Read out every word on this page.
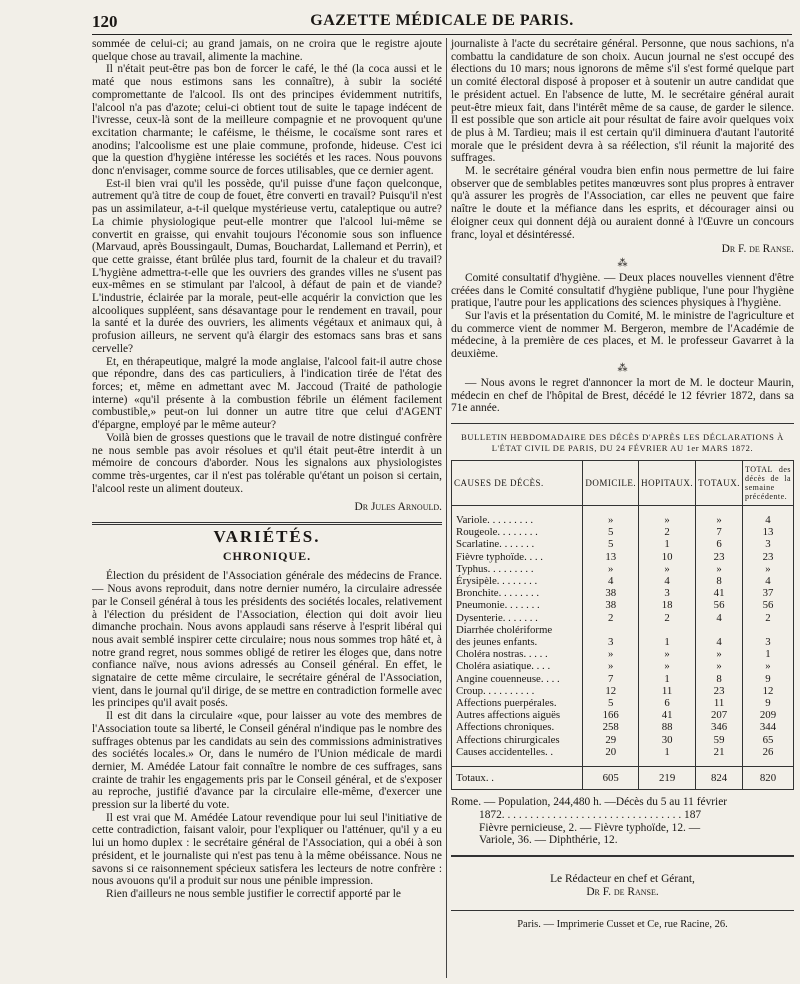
120	GAZETTE MÉDICALE DE PARIS.

sommée de celui-ci; au grand jamais, on ne croira que le registre ajoute quelque chose au travail, alimente la machine.

Il n'était peut-être pas bon de forcer le café, le thé (la coca aussi et le maté que nous estimons sans les connaître), à subir la société compromettante de l'alcool. Ils ont des principes évidemment nutritifs, l'alcool n'a pas d'azote; celui-ci obtient tout de suite le tapage indécent de l'ivresse, ceux-là sont de la meilleure compagnie et ne provoquent qu'une excitation charmante; le caféisme, le théisme, le cocaïsme sont rares et anodins; l'alcoolisme est une plaie commune, profonde, hideuse. C'est ici que la question d'hygiène intéresse les sociétés et les races. Nous pouvons donc n'envisager, comme source de forces utilisables, que ce dernier agent.

Est-il bien vrai qu'il les possède, qu'il puisse d'une façon quelconque, autrement qu'à titre de coup de fouet, être converti en travail? Puisqu'il n'est pas un assimilateur, a-t-il quelque mystérieuse vertu, cataleptique ou autre? La chimie physiologique peut-elle montrer que l'alcool lui-même se convertit en graisse, qui envahit toujours l'économie sous son influence (Marvaud, après Boussingault, Dumas, Bouchardat, Lallemand et Perrin), et que cette graisse, étant brûlée plus tard, fournit de la chaleur et du travail? L'hygiène admettra-t-elle que les ouvriers des grandes villes ne s'usent pas eux-mêmes en se stimulant par l'alcool, à défaut de pain et de viande? L'industrie, éclairée par la morale, peut-elle acquérir la conviction que les alcooliques suppléent, sans désavantage pour le rendement en travail, pour la santé et la durée des ouvriers, les aliments végétaux et animaux qui, à profusion ailleurs, ne servent qu'à élargir des estomacs sans bras et sans cervelle?

Et, en thérapeutique, malgré la mode anglaise, l'alcool fait-il autre chose que répondre, dans des cas particuliers, à l'indication tirée de l'état des forces; et, même en admettant avec M. Jaccoud (Traité de pathologie interne) «qu'il présente à la combustion fébrile un élément facilement combustible,» peut-on lui donner un autre titre que celui d'AGENT d'épargne, employé par le même auteur?

Voilà bien de grosses questions que le travail de notre distingué confrère ne nous semble pas avoir résolues et qu'il était peut-être interdit à un mémoire de concours d'aborder. Nous les signalons aux physiologistes comme très-urgentes, car il n'est pas tolérable qu'étant un poison si certain, l'alcool reste un aliment douteux.

Dr Jules Arnould.
VARIÉTÉS.
CHRONIQUE.

Élection du président de l'Association générale des médecins de France. — Nous avons reproduit, dans notre dernier numéro, la circulaire adressée par le Conseil général à tous les présidents des sociétés locales, relativement à l'élection du président de l'Association, élection qui doit avoir lieu dimanche prochain. Nous avons applaudi sans réserve à l'esprit libéral qui nous avait semblé inspirer cette circulaire; nous nous sommes trop hâté et, à notre grand regret, nous sommes obligé de retirer les éloges que, dans notre confiance naïve, nous avions adressés au Conseil général. En effet, le signataire de cette même circulaire, le secrétaire général de l'Association, vient, dans le journal qu'il dirige, de se mettre en contradiction formelle avec les principes qu'il avait posés.

Il est dit dans la circulaire «que, pour laisser au vote des membres de l'Association toute sa liberté, le Conseil général n'indique pas le nombre des suffrages obtenus par les candidats au sein des commissions administratives des sociétés locales.» Or, dans le numéro de l'Union médicale de mardi dernier, M. Amédée Latour fait connaître le nombre de ces suffrages, sans crainte de trahir les engagements pris par le Conseil général, et de s'exposer au reproche, justifié d'avance par la circulaire elle-même, d'exercer une pression sur la liberté du vote.

Il est vrai que M. Amédée Latour revendique pour lui seul l'initiative de cette contradiction, faisant valoir, pour l'expliquer ou l'atténuer, qu'il y a eu lui un homo duplex : le secrétaire général de l'Association, qui a obéi à son président, et le journaliste qui n'est pas tenu à la même obéissance. Nous ne savons si ce raisonnement spécieux satisfera les lecteurs de notre confrère : nous avouons qu'il a produit sur nous une pénible impression.

Rien d'ailleurs ne nous semble justifier le correctif apporté par le

journaliste à l'acte du secrétaire général. Personne, que nous sachions, n'a combattu la candidature de son choix. Aucun journal ne s'est occupé des élections du 10 mars; nous ignorons de même s'il s'est formé quelque part un comité électoral disposé à proposer et à soutenir un autre candidat que le président actuel. En l'absence de lutte, M. le secrétaire général aurait peut-être mieux fait, dans l'intérêt même de sa cause, de garder le silence. Il est possible que son article ait pour résultat de faire avoir quelques voix de plus à M. Tardieu; mais il est certain qu'il diminuera d'autant l'autorité morale que le président devra à sa réélection, s'il réunit la majorité des suffrages.

M. le secrétaire général voudra bien enfin nous permettre de lui faire observer que de semblables petites manœuvres sont plus propres à entraver qu'à assurer les progrès de l'Association, car elles ne peuvent que faire naître le doute et la méfiance dans les esprits, et décourager ainsi ou éloigner ceux qui donnent déjà ou auraient donné à l'Œuvre un concours franc, loyal et désintéressé.

Dr F. de Ranse.
⁂

Comité consultatif d'hygiène. — Deux places nouvelles viennent d'être créées dans le Comité consultatif d'hygiène publique, l'une pour l'hygiène pratique, l'autre pour les applications des sciences physiques à l'hygiène.

Sur l'avis et la présentation du Comité, M. le ministre de l'agriculture et du commerce vient de nommer M. Bergeron, membre de l'Académie de médecine, à la première de ces places, et M. le professeur Gavarret à la deuxième.

⁂

— Nous avons le regret d'annoncer la mort de M. le docteur Maurin, médecin en chef de l'hôpital de Brest, décédé le 12 février 1872, dans sa 71e année.

BULLETIN HEBDOMADAIRE DES DÉCÈS D'APRÈS LES DÉCLARATIONS À L'ÉTAT CIVIL DE PARIS, DU 24 FÉVRIER AU 1er MARS 1872.
CAUSES DE DÉCÈS.	DOMICILE.	HOPITAUX.	TOTAUX.	TOTAL des décès de la semaine précédente.

Variole. . . . . . . . .	»	»	»	4
Rougeole. . . . . . . .	5	2	7	13
Scarlatine. . . . . . .	5	1	6	3
Fièvre typhoïde. . . .	13	10	23	23
Typhus. . . . . . . . .	»	»	»	»
Érysipèle. . . . . . . .	4	4	8	4
Bronchite. . . . . . . .	38	3	41	37
Pneumonie. . . . . . .	38	18	56	56
Dysenterie. . . . . . .	2	2	4	2
Diarrhée cholériforme				
des jeunes enfants.	3	1	4	3
Choléra nostras. . . . .	»	»	»	1
Choléra asiatique. . . .	»	»	»	»
Angine couenneuse. . . .	7	1	8	9
Croup. . . . . . . . . .	12	11	23	12
Affections puerpérales.	5	6	11	9
Autres affections aiguës	166	41	207	209
Affections chroniques.	258	88	346	344
Affections chirurgicales	29	30	59	65
Causes accidentelles. .	20	1	21	26

Totaux. .	605	219	824	820
Rome. — Population, 244,480 h. —Décès du 5 au 11 février
1872. . . . . . . . . . . . . . . . . . . . . . . . . . . . . . . . 187
Fièvre pernicieuse, 2. — Fièvre typhoïde, 12. —
Variole, 36. — Diphthérie, 12.
Le Rédacteur en chef et Gérant,
Dr F. de Ranse.
Paris. — Imprimerie Cusset et Ce, rue Racine, 26.
